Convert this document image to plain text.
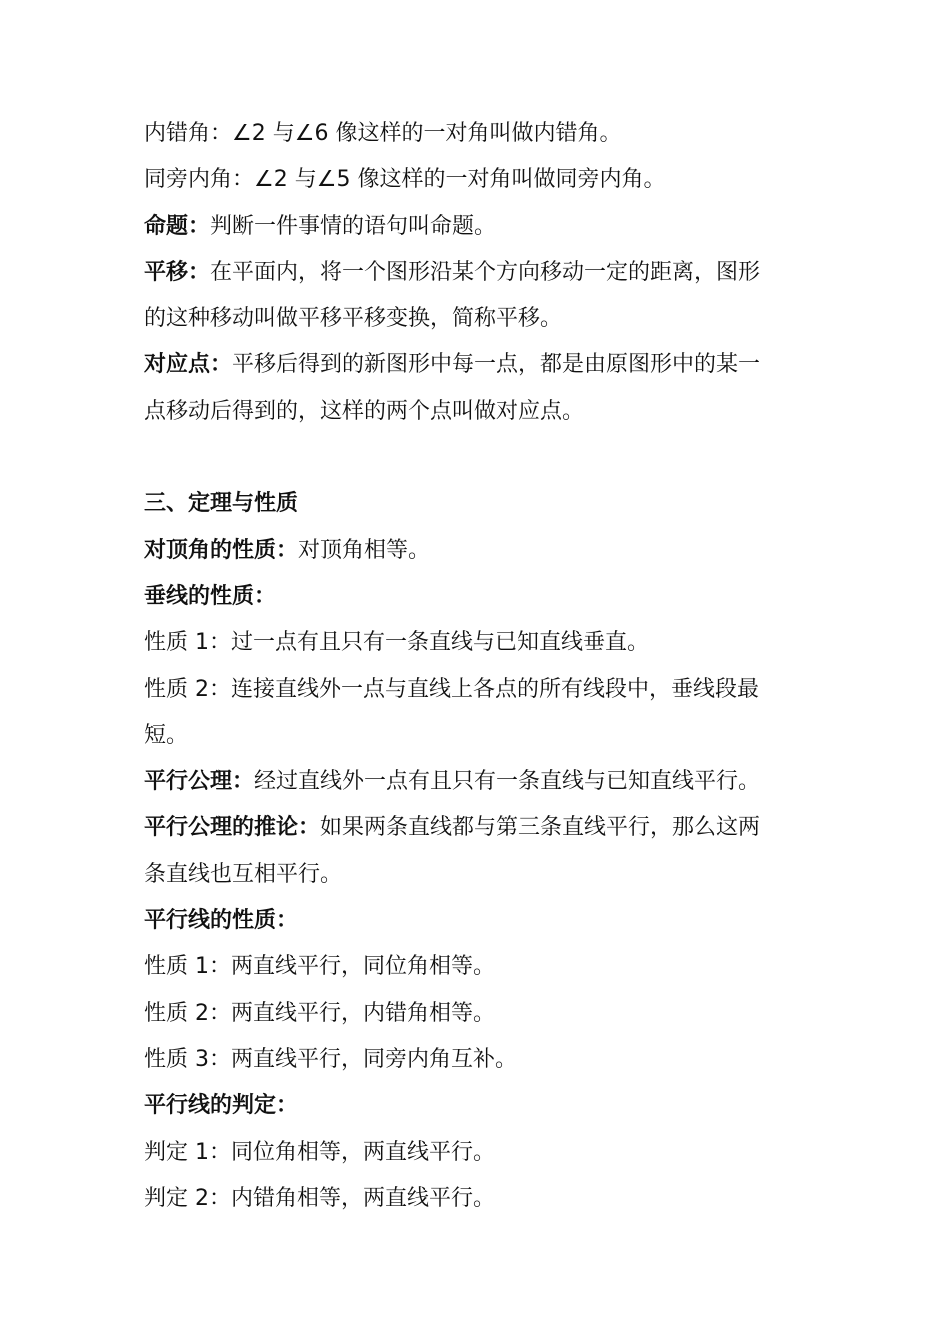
内错角：∠2 与∠6 像这样的一对角叫做内错角。
同旁内角：∠2 与∠5 像这样的一对角叫做同旁内角。
命题：判断一件事情的语句叫命题。
平移：在平面内，将一个图形沿某个方向移动一定的距离，图形
的这种移动叫做平移平移变换，简称平移。
对应点：平移后得到的新图形中每一点，都是由原图形中的某一
点移动后得到的，这样的两个点叫做对应点。
三、定理与性质
对顶角的性质：对顶角相等。
垂线的性质：
性质 1：过一点有且只有一条直线与已知直线垂直。
性质 2：连接直线外一点与直线上各点的所有线段中，垂线段最
短。
平行公理：经过直线外一点有且只有一条直线与已知直线平行。
平行公理的推论：如果两条直线都与第三条直线平行，那么这两
条直线也互相平行。
平行线的性质：
性质 1：两直线平行，同位角相等。
性质 2：两直线平行，内错角相等。
性质 3：两直线平行，同旁内角互补。
平行线的判定：
判定 1：同位角相等，两直线平行。
判定 2：内错角相等，两直线平行。
